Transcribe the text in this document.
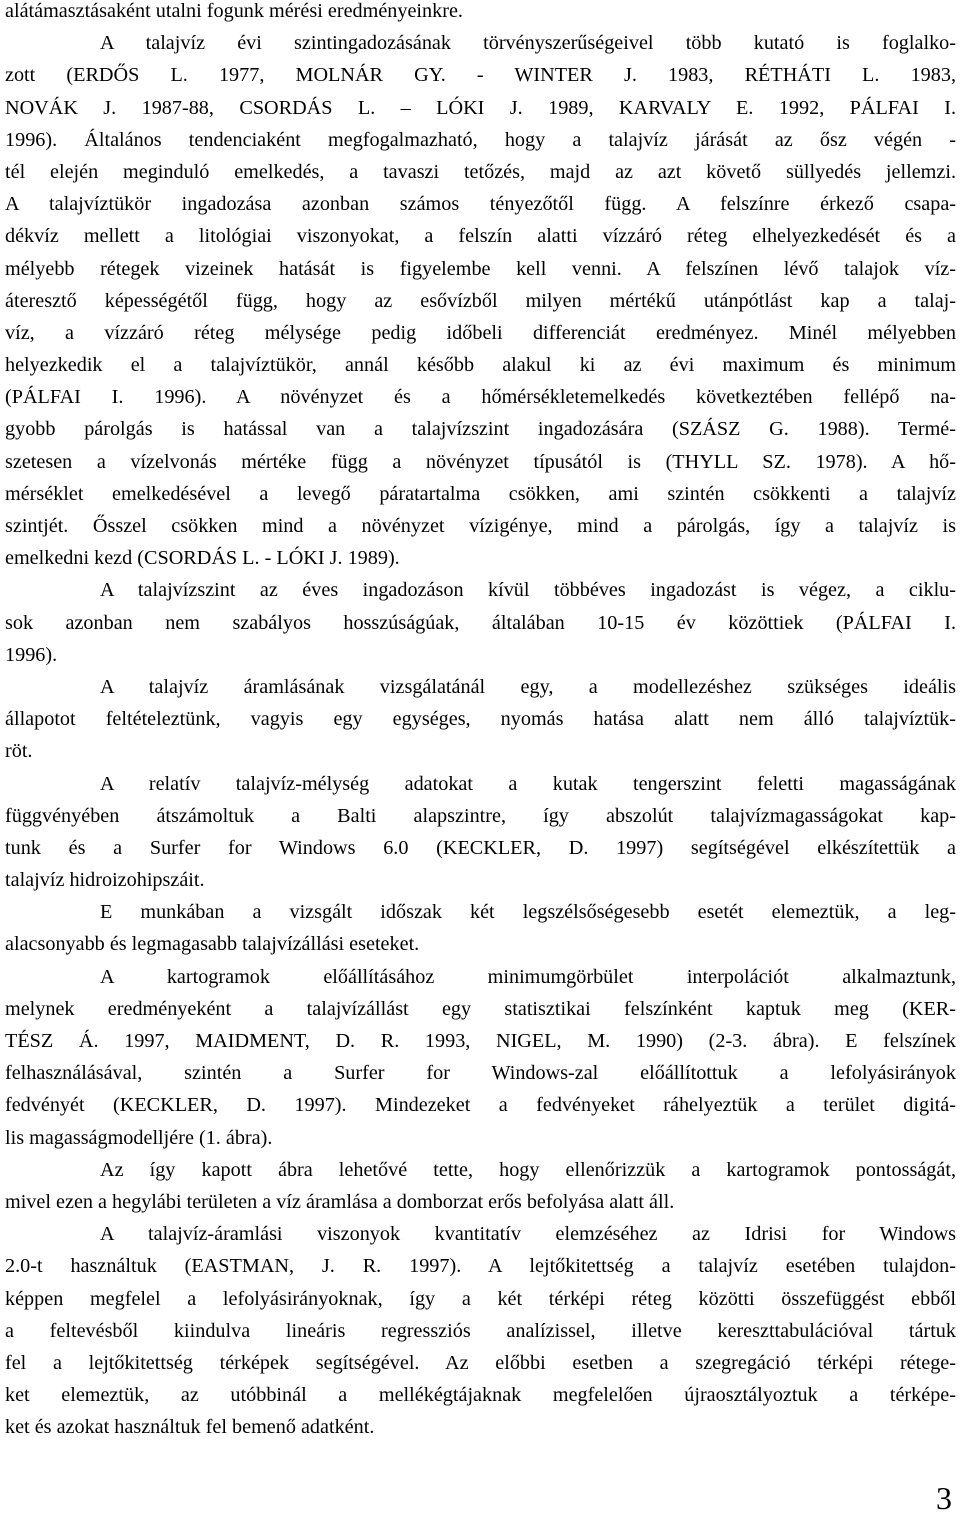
alátámasztásaként utalni fogunk mérési eredményeinkre.
A talajvíz évi szintingadozásának törvényszerűségeivel több kutató is foglalko-
zott (ERDŐS L. 1977, MOLNÁR GY. - WINTER J. 1983, RÉTHÁTI L. 1983,
NOVÁK J. 1987-88, CSORDÁS L. – LÓKI J. 1989, KARVALY E. 1992, PÁLFAI I.
1996). Általános tendenciaként megfogalmazható, hogy a talajvíz járását az ősz végén -
tél elején meginduló emelkedés, a tavaszi tetőzés, majd az azt követő süllyedés jellemzi.
A talajvíztükör ingadozása azonban számos tényezőtől függ. A felszínre érkező csapa-
dékvíz mellett a litológiai viszonyokat, a felszín alatti vízzáró réteg elhelyezkedését és a
mélyebb rétegek vizeinek hatását is figyelembe kell venni. A felszínen lévő talajok víz-
áteresztő képességétől függ, hogy az esővízből milyen mértékű utánpótlást kap a talaj-
víz, a vízzáró réteg mélysége pedig időbeli differenciát eredményez. Minél mélyebben
helyezkedik el a talajvíztükör, annál később alakul ki az évi maximum és minimum
(PÁLFAI I. 1996). A növényzet és a hőmérsékletemelkedés következtében fellépő na-
gyobb párolgás is hatással van a talajvízszint ingadozására (SZÁSZ G. 1988). Termé-
szetesen a vízelvonás mértéke függ a növényzet típusától is (THYLL SZ. 1978). A hő-
mérséklet emelkedésével a levegő páratartalma csökken, ami szintén csökkenti a talajvíz
szintjét. Ősszel csökken mind a növényzet vízigénye, mind a párolgás, így a talajvíz is
emelkedni kezd (CSORDÁS L. - LÓKI J. 1989).
A talajvízszint az éves ingadozáson kívül többéves ingadozást is végez, a ciklu-
sok azonban nem szabályos hosszúságúak, általában 10-15 év közöttiek (PÁLFAI I.
1996).
A talajvíz áramlásának vizsgálatánál egy, a modellezéshez szükséges ideális
állapotot feltételeztünk, vagyis egy egységes, nyomás hatása alatt nem álló talajvíztük-
röt.
A relatív talajvíz-mélység adatokat a kutak tengerszint feletti magasságának
függvényében átszámoltuk a Balti alapszintre, így abszolút talajvízmagasságokat kap-
tunk és a Surfer for Windows 6.0 (KECKLER, D. 1997) segítségével elkészítettük a
talajvíz hidroizohipszáit.
E munkában a vizsgált időszak két legszélsőségesebb esetét elemeztük, a leg-
alacsonyabb és legmagasabb talajvízállási eseteket.
A kartogramok előállításához minimumgörbület interpolációt alkalmaztunk,
melynek eredményeként a talajvízállást egy statisztikai felszínként kaptuk meg (KER-
TÉSZ Á. 1997, MAIDMENT, D. R. 1993, NIGEL, M. 1990) (2-3. ábra). E felszínek
felhasználásával, szintén a Surfer for Windows-zal előállítottuk a lefolyásirányok
fedvényét (KECKLER, D. 1997). Mindezeket a fedvényeket ráhelyeztük a terület digitá-
lis magasságmodelljére (1. ábra).
Az így kapott ábra lehetővé tette, hogy ellenőrizzük a kartogramok pontosságát,
mivel ezen a hegylábi területen a víz áramlása a domborzat erős befolyása alatt áll.
A talajvíz-áramlási viszonyok kvantitatív elemzéséhez az Idrisi for Windows
2.0-t használtuk (EASTMAN, J. R. 1997). A lejtőkitettség a talajvíz esetében tulajdon-
képpen megfelel a lefolyásirányoknak, így a két térképi réteg közötti összefüggést ebből
a feltevésből kiindulva lineáris regressziós analízissel, illetve kereszttabulációval tártuk
fel a lejtőkitettség térképek segítségével. Az előbbi esetben a szegregáció térképi rétege-
ket elemeztük, az utóbbinál a mellékégtájaknak megfelelően újraosztályoztuk a térképe-
ket és azokat használtuk fel bemenő adatként.
3
